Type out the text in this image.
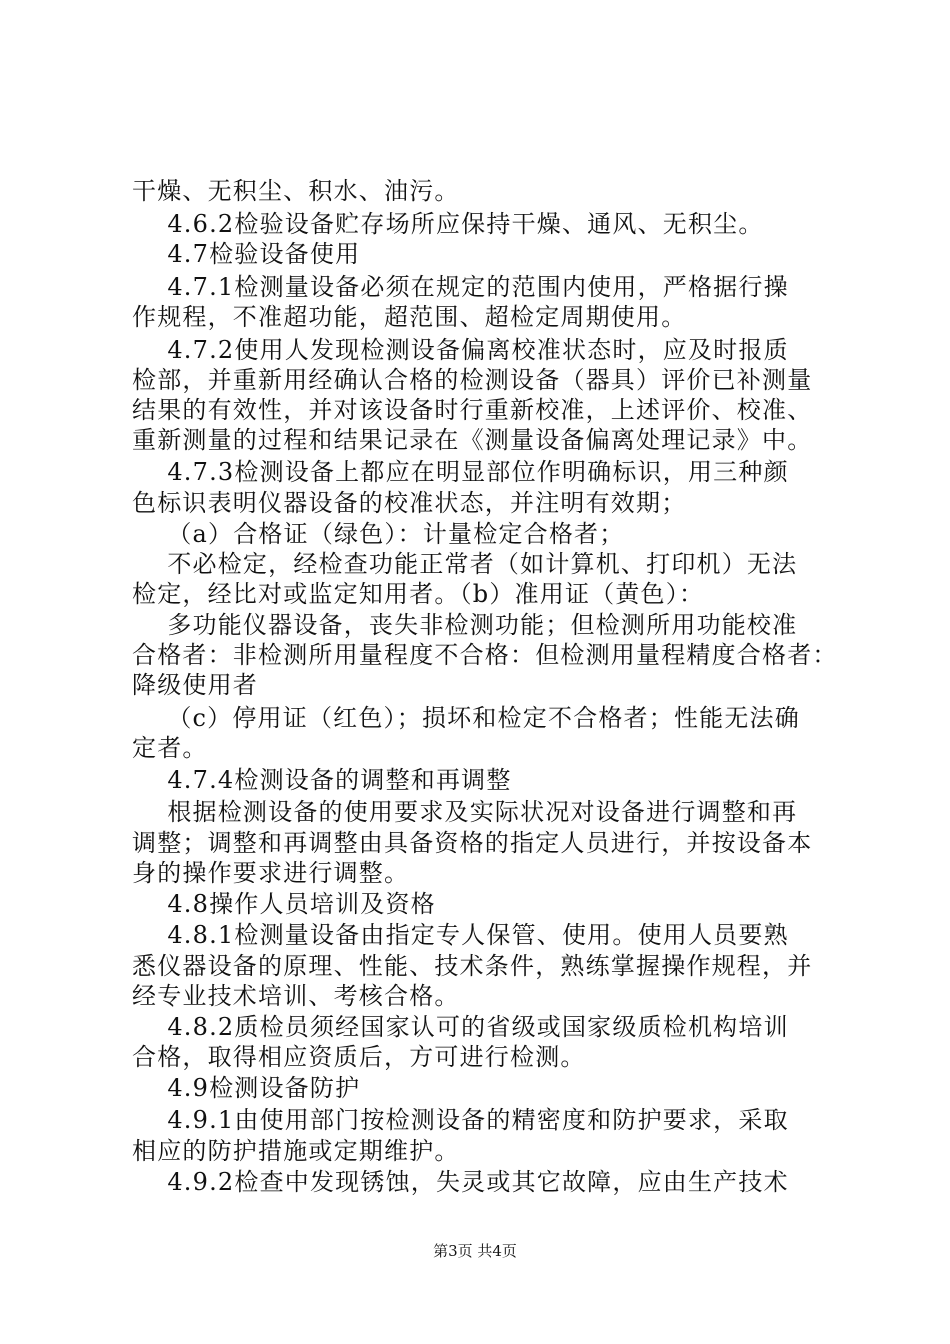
干燥、无积尘、积水、油污。
4.6.2检验设备贮存场所应保持干燥、通风、无积尘。
4.7检验设备使用
4.7.1检测量设备必须在规定的范围内使用，严格据行操
作规程，不准超功能，超范围、超检定周期使用。
4.7.2使用人发现检测设备偏离校准状态时，应及时报质
检部，并重新用经确认合格的检测设备（器具）评价已补测量
结果的有效性，并对该设备时行重新校准，上述评价、校准、
重新测量的过程和结果记录在《测量设备偏离处理记录》中。
4.7.3检测设备上都应在明显部位作明确标识，用三种颜
色标识表明仪器设备的校准状态，并注明有效期；
（a）合格证（绿色）：计量检定合格者；
不必检定，经检查功能正常者（如计算机、打印机）无法
检定，经比对或监定知用者。（b）准用证（黄色）：
多功能仪器设备，丧失非检测功能；但检测所用功能校准
合格者：非检测所用量程度不合格：但检测用量程精度合格者：
降级使用者
（c）停用证（红色）；损坏和检定不合格者；性能无法确
定者。
4.7.4检测设备的调整和再调整
根据检测设备的使用要求及实际状况对设备进行调整和再
调整；调整和再调整由具备资格的指定人员进行，并按设备本
身的操作要求进行调整。
4.8操作人员培训及资格
4.8.1检测量设备由指定专人保管、使用。使用人员要熟
悉仪器设备的原理、性能、技术条件，熟练掌握操作规程，并
经专业技术培训、考核合格。
4.8.2质检员须经国家认可的省级或国家级质检机构培训
合格，取得相应资质后，方可进行检测。
4.9检测设备防护
4.9.1由使用部门按检测设备的精密度和防护要求，采取
相应的防护措施或定期维护。
4.9.2检查中发现锈蚀，失灵或其它故障，应由生产技术
第3页 共4页
